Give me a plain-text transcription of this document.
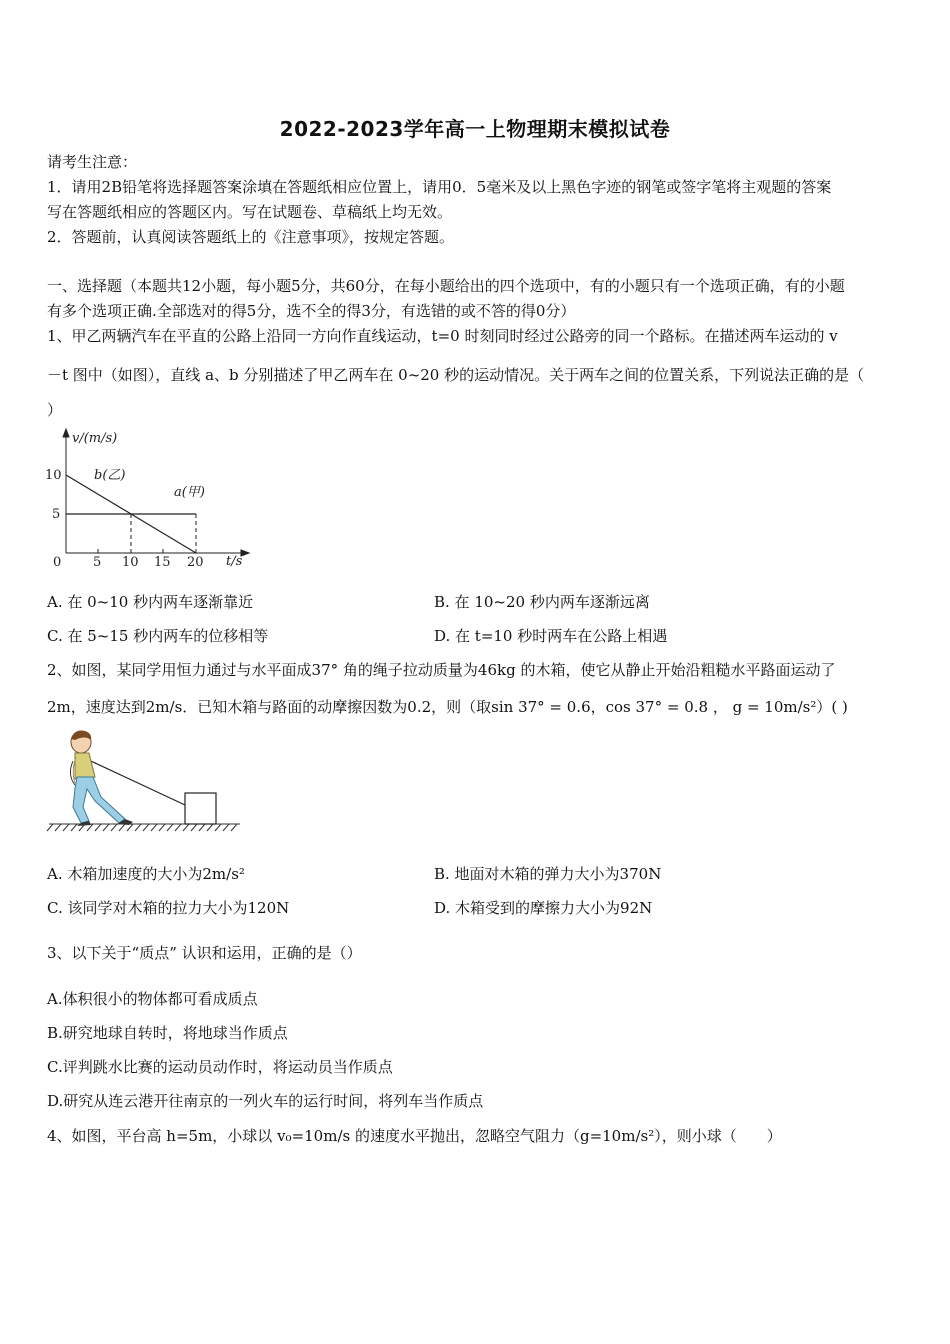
2022-2023学年高一上物理期末模拟试卷
请考生注意：
1．请用2B铅笔将选择题答案涂填在答题纸相应位置上，请用0．5毫米及以上黑色字迹的钢笔或签字笔将主观题的答案
写在答题纸相应的答题区内。写在试题卷、草稿纸上均无效。
2．答题前，认真阅读答题纸上的《注意事项》，按规定答题。
一、选择题（本题共12小题，每小题5分，共60分，在每小题给出的四个选项中，有的小题只有一个选项正确，有的小题
有多个选项正确.全部选对的得5分，选不全的得3分，有选错的或不答的得0分）
1、甲乙两辆汽车在平直的公路上沿同一方向作直线运动，t=0 时刻同时经过公路旁的同一个路标。在描述两车运动的 v
－t 图中（如图），直线 a、b 分别描述了甲乙两车在 0~20 秒的运动情况。关于两车之间的位置关系，下列说法正确的是（
）
v/(m/s)
t/s
10
5
0 5 10 15 20
b(乙)
a(甲)
A. 在 0~10 秒内两车逐渐靠近	B. 在 10~20 秒内两车逐渐远离
C. 在 5~15 秒内两车的位移相等	D. 在 t=10 秒时两车在公路上相遇
2、如图，某同学用恒力通过与水平面成37° 角的绳子拉动质量为46kg 的木箱，使它从静止开始沿粗糙水平路面运动了
2m，速度达到2m/s．已知木箱与路面的动摩擦因数为0.2，则（取sin 37° = 0.6，cos 37° = 0.8 ， g = 10m/s²）( )
A. 木箱加速度的大小为2m/s²	B. 地面对木箱的弹力大小为370N
C. 该同学对木箱的拉力大小为120N	D. 木箱受到的摩擦力大小为92N
3、以下关于“质点” 认识和运用，正确的是（）
A.体积很小的物体都可看成质点
B.研究地球自转时，将地球当作质点
C.评判跳水比赛的运动员动作时，将运动员当作质点
D.研究从连云港开往南京的一列火车的运行时间，将列车当作质点
4、如图，平台高 h=5m，小球以 v₀=10m/s 的速度水平抛出，忽略空气阻力（g=10m/s²），则小球（　　）
